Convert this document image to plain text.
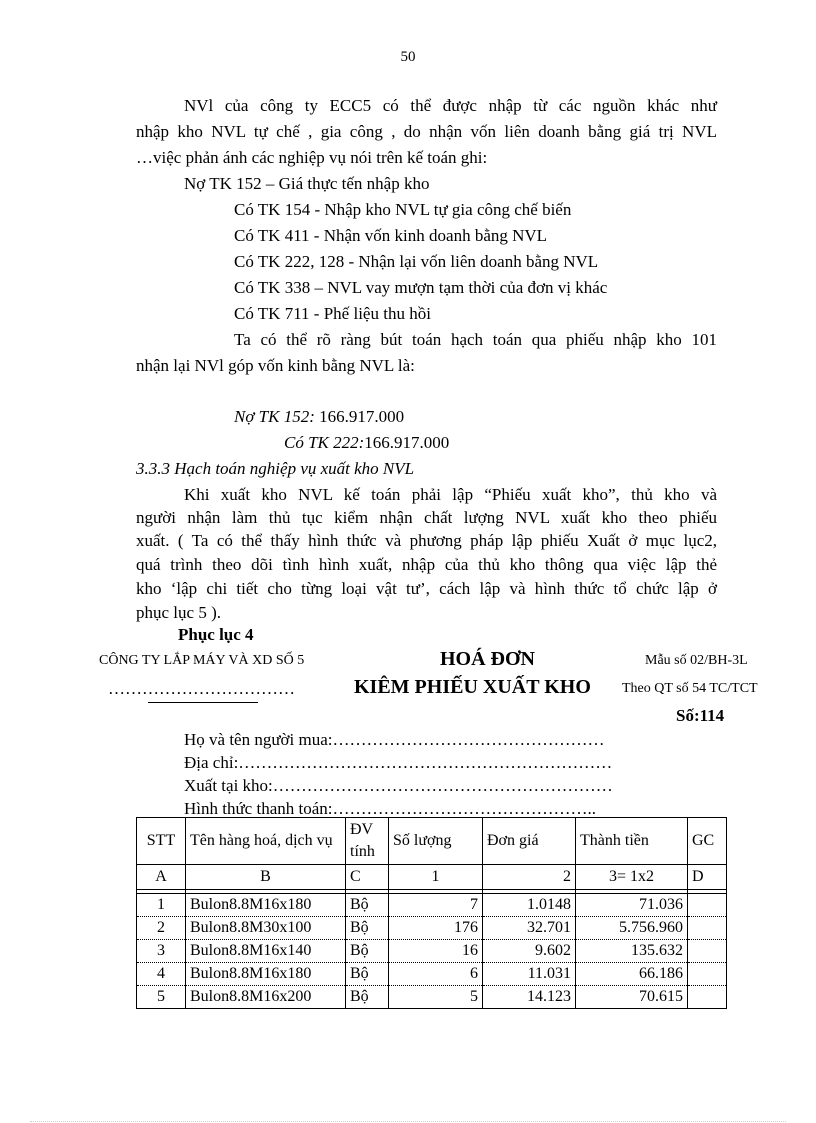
50
NVl của công ty ECC5 có thể được nhập từ các nguồn khác như
nhập kho NVL tự chế , gia công , do nhận vốn liên doanh bằng giá trị NVL
…việc phản ánh các nghiệp vụ nói trên kế toán ghi:
Nợ TK 152 – Giá thực tến nhập kho
Có TK 154 - Nhập kho NVL tự gia công chế biến
Có TK 411 - Nhận vốn kinh doanh bằng NVL
Có TK 222, 128 - Nhận lại vốn liên doanh bằng NVL
Có TK 338 – NVL vay mượn tạm thời của đơn vị khác
Có TK 711 - Phế liệu thu hồi
Ta có thể rõ ràng bút toán hạch toán qua phiếu nhập kho 101
nhận lại NVl góp vốn kinh bằng NVL là:
Nợ TK 152: 166.917.000
Có TK 222:166.917.000
3.3.3 Hạch toán nghiệp vụ xuất kho NVL
Khi xuất kho NVL kế toán phải lập “Phiếu xuất kho”, thủ kho và
người nhận làm thủ tục kiểm nhận chất lượng NVL xuất kho theo phiếu
xuất. ( Ta có thể thấy hình thức và phương pháp lập phiếu Xuất ở mục lục2,
quá trình theo dõi tình hình xuất, nhập của thủ kho thông qua việc lập thẻ
kho ‘lập chi tiết cho từng loại vật tư’, cách lập và hình thức tổ chức lập ở
phục lục 5 ).
Phục lục 4
CÔNG TY LẮP MÁY VÀ XD SỐ 5
……………………………
HOÁ ĐƠN
KIÊM PHIẾU XUẤT KHO
Mẫu số 02/BH-3L
Theo QT số 54 TC/TCT
Số:114
Họ và tên người mua:…………………………………………
Địa chỉ:…………………………………………………………
Xuất tại kho:……………………………………………………
Hình thức thanh toán:………………………………………..
STT	Tên hàng hoá, dịch vụ	ĐV tính	Số lượng	Đơn giá	Thành tiền	GC
A	B	C	1	2	3= 1x2	D

1	Bulon8.8M16x180	Bộ	7	1.0148	71.036	
2	Bulon8.8M30x100	Bộ	176	32.701	5.756.960	
3	Bulon8.8M16x140	Bộ	16	9.602	135.632	
4	Bulon8.8M16x180	Bộ	6	11.031	66.186	
5	Bulon8.8M16x200	Bộ	5	14.123	70.615	
